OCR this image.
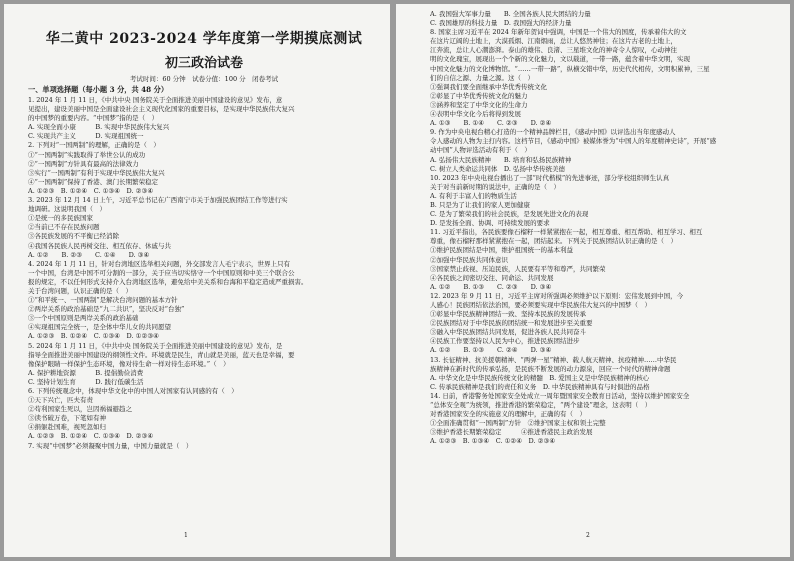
华二黄中 2023-2024 学年度第一学期摸底测试
初三政治试卷
考试时间：60 分钟　试卷分值：100 分　闭卷考试
一、单项选择题（每小题 3 分，共 48 分）

1. 2024 年 1 月 11 日，《中共中央 国务院关于全面推进美丽中国建设的意见》发布，意

见提出，建设美丽中国是全面建设社会主义现代化国家的重要目标，是实现中华民族伟大复兴

的中国梦的重要内容。“中国梦”指的是（　）

A. 实现全面小康　　　B. 实现中华民族伟大复兴

C. 实现共产主义　　　D. 实现祖国统一

2. 下列对“一国两制”的理解，正确的是（　）

①“一国两制”实践取得了举世公认的成功

②“一国两制”方针具有最高的法律效力

③实行“一国两制”有利于实现中华民族伟大复兴

④“一国两制”保持了香港、澳门长期繁荣稳定

A. ①②③　B. ①②④　C. ①③④　D. ②③④

3. 2023 年 12 月 14 日上午，习近平总书记在广西南宁市关于加强民族团结工作等进行实

地调研。这说明我国（　）

①是统一的多民族国家

②当前已不存在民族问题

③各民族发展的不平衡已经消除

④我国各民族人民再树交往、相互依存、休戚与共

A. ①②　　B. ②③　　C. ①④　　D. ③④

4. 2024 年 1 月 11 日，针对台湾地区选举相关问题，外交部发言人毛宁表示，世界上只有

一个中国，台湾是中国不可分割的一部分，关于应当切实恪守一个中国原则和中美三个联合公

报的规定，不以任何形式支持介入台湾地区选举，避免给中美关系和台海和平稳定造成严重损害。

关于台湾问题，认识正确的是（　）

①“和平统一、一国两制”是解决台湾问题的基本方针

②两岸关系的政治基础是“九二共识”，坚决反对“台独”

③一个中国原则是两岸关系的政治基础

④实现祖国完全统一，是全体中华儿女的共同愿望

A. ①②③　B. ①②④　C. ①③④　D. ①②③④

5. 2024 年 1 月 11 日，《中共中央 国务院关于全面推进美丽中国建设的意见》发布，是

指导全面推进美丽中国建设的纲领性文件。环境就是民生，青山就是美丽，蓝天也是幸福，要

像保护眼睛一样保护生态环境，像对待生命一样对待生态环境。”（　）

A. 保护耕地资源　　　B. 提倡勤俭消费

C. 坚持计划生育　　　D. 践行低碳生活

6. 下列传统观念中，体现中华文化中的中国人对国家有认同感的有（　）

①天下兴亡，匹夫有责

②苟利国家生死以，岂因祸福避趋之

③读书破万卷，下笔如有神

④捐躯赴国难，视死忽如归

A. ①②③　B. ①②④　C. ①③④　D. ②③④

7. 实现“中国梦”必须凝聚中国力量，中国力量就是（　）

1

A. 我国强大军事力量　　B. 全国各族人民大团结的力量

C. 我国雄厚的科技力量　D. 我国强大的经济力量

8. 国家主席习近平在 2024 年新年贺词中强调，中国是一个伟大的国度，传承着伟大的文

在这片辽阔的土地上，大漠孤烟、江南烟雨，总让人悠然神往；在这片古老的土地上，

江奔流，总让人心潮澎湃。泰山的雄伟、良渚、三星堆文化的神奇令人惊叹，心动神往

明的文化瑰宝，展现出一个个新的文化魅力，文以载道，一带一路，蕴含着中华文明，实现

中国文化魅力的文化博物馆。“……一带一路”，纵横交错中华，历史代代相传，文明积累神，三星

们的自信之源、力量之源。这（　）

①强调我们要全面继承中华优秀传统文化

②彰显了中华优秀传统文化的魅力

③涵养和坚定了中华文化的生命力

④表明中华文化今后将得到发展

A. ①③　　B. ①④　　C. ②③　　D. ②④

9. 作为中央电视台精心打造的一个精神品牌栏目，《感动中国》以评选出当年度感动人

令人感动的人物为主打内容。这档节目，《感动中国》被媒体誉为“中国人的年度精神史诗”，开展“感

动中国”人物评选活动有利于（　）

A. 弘扬伟大民族精神　　B. 培育和弘扬民族精神

C. 树立人类命运共同体　D. 弘扬中华传统美德

10. 2023 年中央电视台播出了一部“时代楷模”的先进事迹，部分学校组织师生认真

关于对当前新时期的说法中，正确的是（　）

A. 有利于丰富人们的物质生活

B. 只是为了让我们的家人更加健康

C. 是为了繁荣我们的社会民族，是发展先进文化的表现

D. 是发扬全面、协调、可持续发展的要求

11. 习近平指出，各民族要像石榴籽一样紧紧抱在一起，相互尊重、相互帮助、相互学习、相互

尊重，像石榴籽那样紧紧抱在一起，团结起来。下列关于民族团结认识正确的是（　）

①维护民族团结是中国，维护祖国统一的基本利益

②加强中华民族共同体意识

③国家禁止歧视、压迫民族，人民要有平等和尊严，共同繁荣

④各民族之间密切交往、同命运、共同发展

A. ①②　　B. ①③　　C. ②③　　D. ③④

12. 2023 年 9 月 11 日，习近平主席对所强调必须维护以下原则：宏伟发展到中国，今

人感心！民族团结依法治国，要必须要实现中华民族伟大复兴的中国梦（　）

①彰显中华民族精神团结一致、坚持本民族的发展传承

②民族团结对于中华民族的团结统一和发展进步至关重要

③融入中华民族团结共同发展，促进各族人民共同奋斗

④民族工作要坚持以人民为中心，推进民族团结进步

A. ①②　　B. ①③　　C. ②④　　D. ③④

13. 长征精神、抗美援朝精神、“两弹一星”精神、载人航天精神、抗疫精神……中华民

族精神在新时代的传承弘扬，是民族不断发展的动力源泉，回应一个时代的精神命题

A. 中华文化是中华民族传统文化的精髓　B. 爱国主义是中华民族精神的核心

C. 传承民族精神是我们的责任和义务　D. 中华民族精神具有与时俱进的品格

14. 日前，香港警务处国家安全处成立一周年暨国家安全教育日活动，坚持以维护国家安全

“总体安全观”为统领，推进香港的繁荣稳定，“两个建设”理念，这表明（　）

对香港国家安全的实施意义的理解中，正确的有（　）

①全面准确贯彻“一国两制”方针　②维护国家主权和领土完整

③维护香港长期繁荣稳定　　　④推进香港民主政治发展

A. ①②③　B. ①③④　C. ①②④　D. ②③④

2
